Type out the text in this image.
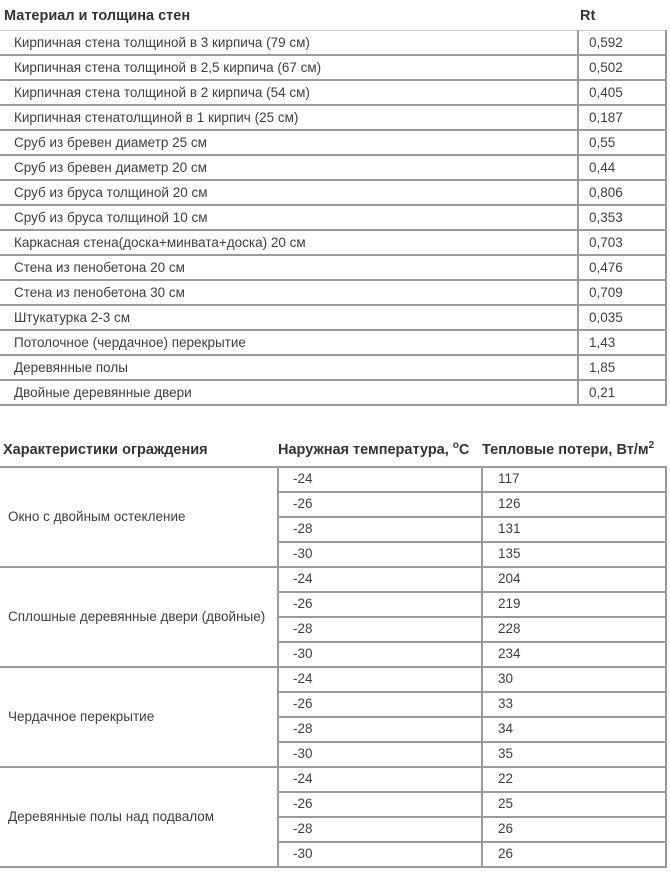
Материал и толщина стен	Rt
Кирпичная стена толщиной в 3 кирпича (79 см)	0,592
Кирпичная стена толщиной в 2,5 кирпича (67 см)	0,502
Кирпичная стена толщиной в 2 кирпича (54 см)	0,405
Кирпичная стенатолщиной в 1 кирпич (25 см)	0,187
Сруб из бревен диаметр 25 см	0,55
Сруб из бревен диаметр 20 см	0,44
Сруб из бруса толщиной 20 см	0,806
Сруб из бруса толщиной 10 см	0,353
Каркасная стена(доска+минвата+доска) 20 см	0,703
Стена из пенобетона 20 см	0,476
Стена из пенобетона 30 см	0,709
Штукатурка 2-3 см	0,035
Потолочное (чердачное) перекрытие	1,43
Деревянные полы	1,85
Двойные деревянные двери	0,21
Характеристики ограждения	Наружная температура, $^о$С	Тепловые потери, $Вт/м^2$
Окно с двойным остекление	-24	117
	-26	126
	-28	131
	-30	135
Сплошные деревянные двери (двойные)	-24	204
	-26	219
	-28	228
	-30	234
Чердачное перекрытие	-24	30
	-26	33
	-28	34
	-30	35
Деревянные полы над подвалом	-24	22
	-26	25
	-28	26
	-30	26
